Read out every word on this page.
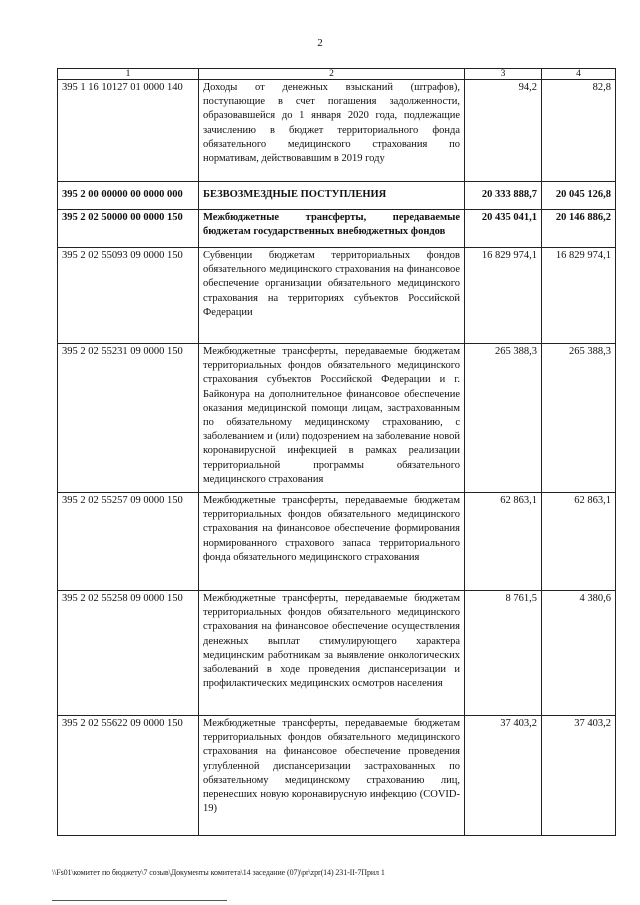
2
1	2	3	4
395 1 16 10127 01 0000 140	Доходы от денежных взысканий (штрафов), поступающие в счет погашения задолженности, образовавшейся до 1 января 2020 года, подлежащие зачислению в бюджет территориального фонда обязательного медицинского страхования по нормативам, действовавшим в 2019 году	94,2	82,8
395 2 00 00000 00 0000 000	БЕЗВОЗМЕЗДНЫЕ ПОСТУПЛЕНИЯ	20 333 888,7	20 045 126,8
395 2 02 50000 00 0000 150	Межбюджетные трансферты, передаваемые бюджетам государственных внебюджетных фондов	20 435 041,1	20 146 886,2
395 2 02 55093 09 0000 150	Субвенции бюджетам территориальных фондов обязательного медицинского страхования на финансовое обеспечение организации обязательного медицинского страхования на территориях субъектов Российской Федерации	16 829 974,1	16 829 974,1
395 2 02 55231 09 0000 150	Межбюджетные трансферты, передаваемые бюджетам территориальных фондов обязательного медицинского страхования субъектов Российской Федерации и г. Байконура на дополнительное финансовое обеспечение оказания медицинской помощи лицам, застрахованным по обязательному медицинскому страхованию, с заболеванием и (или) подозрением на заболевание новой коронавирусной инфекцией в рамках реализации территориальной программы обязательного медицинского страхования	265 388,3	265 388,3
395 2 02 55257 09 0000 150	Межбюджетные трансферты, передаваемые бюджетам территориальных фондов обязательного медицинского страхования на финансовое обеспечение формирования нормированного страхового запаса территориального фонда обязательного медицинского страхования	62 863,1	62 863,1
395 2 02 55258 09 0000 150	Межбюджетные трансферты, передаваемые бюджетам территориальных фондов обязательного медицинского страхования на финансовое обеспечение осуществления денежных выплат стимулирующего характера медицинским работникам за выявление онкологических заболеваний в ходе проведения диспансеризации и профилактических медицинских осмотров населения	8 761,5	4 380,6
395 2 02 55622 09 0000 150	Межбюджетные трансферты, передаваемые бюджетам территориальных фондов обязательного медицинского страхования на финансовое обеспечение проведения углубленной диспансеризации застрахованных по обязательному медицинскому страхованию лиц, перенесших новую коронавирусную инфекцию (COVID-19)	37 403,2	37 403,2
\\Fs01\комитет по бюджету\7 созыв\Документы комитета\14 заседание (07)\pr\zpr(14) 231-II-7Прил 1
